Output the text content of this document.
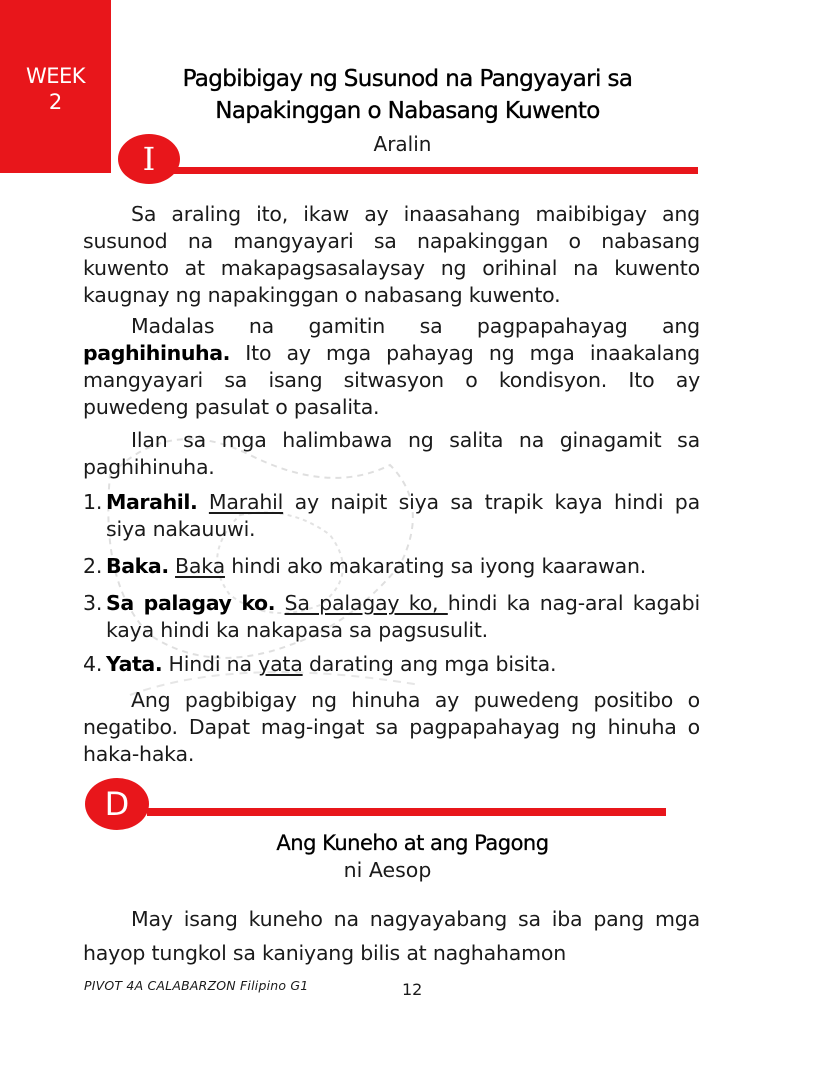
WEEK
2
Pagbibigay ng Susunod na Pangyayari sa
Napakinggan o Nabasang Kuwento
I	Aralin

Sa araling ito, ikaw ay inaasahang maibibigay ang susunod na mangyayari sa napakinggan o nabasang kuwento at makapagsasalaysay ng orihinal na kuwento kaugnay ng napakinggan o nabasang kuwento.

Madalas na gamitin sa pagpapahayag ang paghihinuha. Ito ay mga pahayag ng mga inaakalang mangyayari sa isang sitwasyon o kondisyon. Ito ay puwedeng pasulat o pasalita.

Ilan sa mga halimbawa ng salita na ginagamit sa paghihinuha.

1. Marahil. Marahil ay naipit siya sa trapik kaya hindi pa siya nakauuwi.
2. Baka. Baka hindi ako makarating sa iyong kaarawan.
3. Sa palagay ko. Sa palagay ko, hindi ka nag-aral kagabi kaya hindi ka nakapasa sa pagsusulit.
4. Yata. Hindi na yata darating ang mga bisita.

Ang pagbibigay ng hinuha ay puwedeng positibo o negatibo. Dapat mag-ingat sa pagpapahayag ng hinuha o haka-haka.

D
Ang Kuneho at ang Pagong
ni Aesop

May isang kuneho na nagyayabang sa iba pang mga hayop tungkol sa kaniyang bilis at naghahamon

PIVOT 4A CALABARZON Filipino G1	12
